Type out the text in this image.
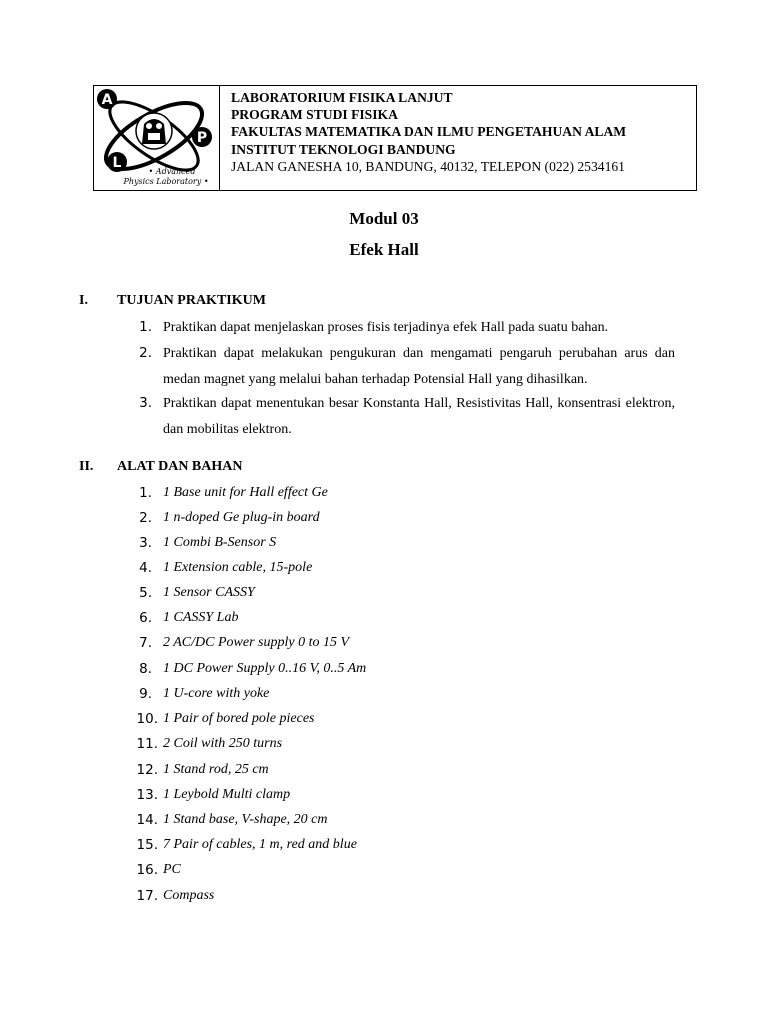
A
P
L
• Advanced
Physics Laboratory •
LABORATORIUM FISIKA LANJUT
PROGRAM STUDI FISIKA
FAKULTAS MATEMATIKA DAN ILMU PENGETAHUAN ALAM
INSTITUT TEKNOLOGI BANDUNG
JALAN GANESHA 10, BANDUNG, 40132, TELEPON (022) 2534161
Modul 03
Efek Hall
I. TUJUAN PRAKTIKUM
1. Praktikan dapat menjelaskan proses fisis terjadinya efek Hall pada suatu bahan.
2. Praktikan dapat melakukan pengukuran dan mengamati pengaruh perubahan arus dan medan magnet yang melalui bahan terhadap Potensial Hall yang dihasilkan.
3. Praktikan dapat menentukan besar Konstanta Hall, Resistivitas Hall, konsentrasi elektron, dan mobilitas elektron.
II. ALAT DAN BAHAN
1. 1 Base unit for Hall effect Ge
2. 1 n-doped Ge plug-in board
3. 1 Combi B-Sensor S
4. 1 Extension cable, 15-pole
5. 1 Sensor CASSY
6. 1 CASSY Lab
7. 2 AC/DC Power supply 0 to 15 V
8. 1 DC Power Supply 0..16 V, 0..5 Am
9. 1 U-core with yoke
10. 1 Pair of bored pole pieces
11. 2 Coil with 250 turns
12. 1 Stand rod, 25 cm
13. 1 Leybold Multi clamp
14. 1 Stand base, V-shape, 20 cm
15. 7 Pair of cables, 1 m, red and blue
16. PC
17. Compass
